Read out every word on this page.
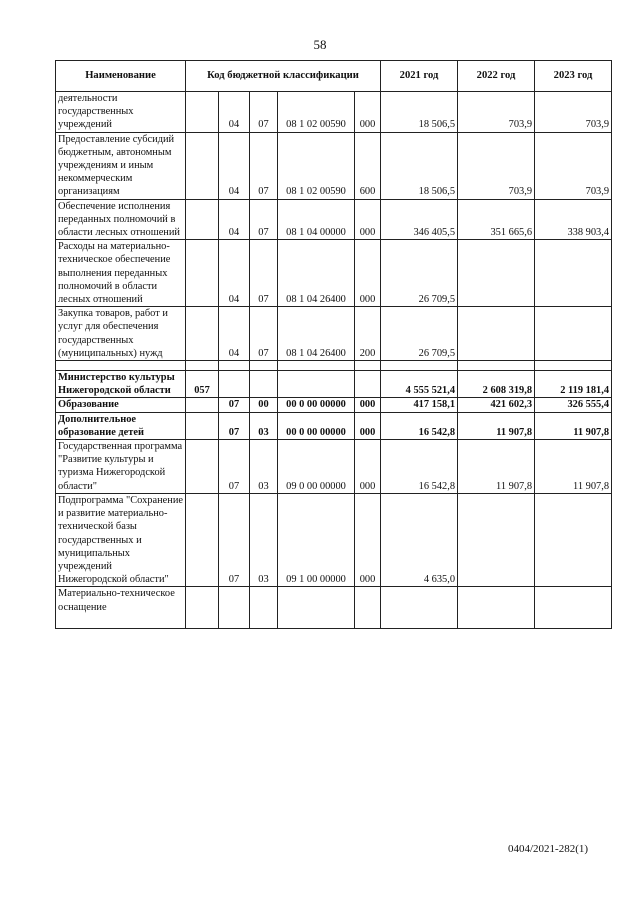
58
Наименование	Код бюджетной классификации					2021 год	2022 год	2023 год
деятельности государственных учреждений		04	07	08 1 02 00590	000	18 506,5	703,9	703,9
Предоставление субсидий бюджетным, автономным учреждениям и иным некоммерческим организациям		04	07	08 1 02 00590	600	18 506,5	703,9	703,9
Обеспечение исполнения переданных полномочий в области лесных отношений		04	07	08 1 04 00000	000	346 405,5	351 665,6	338 903,4
Расходы на материально-техническое обеспечение выполнения переданных полномочий в области лесных отношений		04	07	08 1 04 26400	000	26 709,5		
Закупка товаров, работ и услуг для обеспечения государственных (муниципальных) нужд		04	07	08 1 04 26400	200	26 709,5		

Министерство культуры Нижегородской области	057					4 555 521,4	2 608 319,8	2 119 181,4
Образование		07	00	00 0 00 00000	000	417 158,1	421 602,3	326 555,4
Дополнительное образование детей		07	03	00 0 00 00000	000	16 542,8	11 907,8	11 907,8
Государственная программа "Развитие культуры и туризма Нижегородской области"		07	03	09 0 00 00000	000	16 542,8	11 907,8	11 907,8
Подпрограмма "Сохранение и развитие материально-технической базы государственных и муниципальных учреждений Нижегородской области"		07	03	09 1 00 00000	000	4 635,0		
Материально-техническое оснащение								
0404/2021-282(1)
